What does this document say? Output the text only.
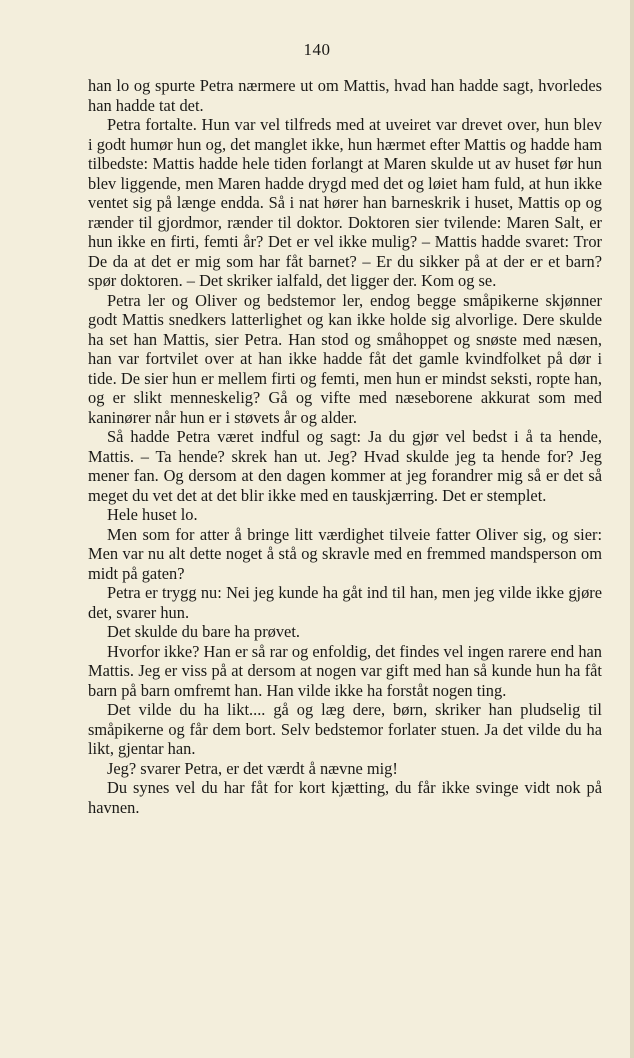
140

han lo og spurte Petra nærmere ut om Mattis, hvad han hadde sagt, hvorledes han hadde tat det.

Petra fortalte. Hun var vel tilfreds med at uveiret var drevet over, hun blev i godt humør hun og, det manglet ikke, hun hærmet efter Mattis og hadde ham tilbedste: Mattis hadde hele tiden forlangt at Maren skulde ut av huset før hun blev liggende, men Maren hadde drygd med det og løiet ham fuld, at hun ikke ventet sig på længe endda. Så i nat hører han barneskrik i huset, Mattis op og rænder til gjordmor, rænder til doktor. Doktoren sier tvilende: Maren Salt, er hun ikke en firti, femti år? Det er vel ikke mulig? – Mattis hadde svaret: Tror De da at det er mig som har fåt barnet? – Er du sikker på at der er et barn? spør doktoren. – Det skriker ialfald, det ligger der. Kom og se.

Petra ler og Oliver og bedstemor ler, endog begge småpikerne skjønner godt Mattis snedkers latterlighet og kan ikke holde sig alvorlige. Dere skulde ha set han Mattis, sier Petra. Han stod og småhoppet og snøste med næsen, han var fortvilet over at han ikke hadde fåt det gamle kvindfolket på dør i tide. De sier hun er mellem firti og femti, men hun er mindst seksti, ropte han, og er slikt menneskelig? Gå og vifte med næseborene akkurat som med kaninører når hun er i støvets år og alder.

Så hadde Petra været indful og sagt: Ja du gjør vel bedst i å ta hende, Mattis. – Ta hende? skrek han ut. Jeg? Hvad skulde jeg ta hende for? Jeg mener fan. Og dersom at den dagen kommer at jeg forandrer mig så er det så meget du vet det at det blir ikke med en tauskjærring. Det er stemplet.

Hele huset lo.

Men som for atter å bringe litt værdighet tilveie fatter Oliver sig, og sier: Men var nu alt dette noget å stå og skravle med en fremmed mandsperson om midt på gaten?

Petra er trygg nu: Nei jeg kunde ha gåt ind til han, men jeg vilde ikke gjøre det, svarer hun.

Det skulde du bare ha prøvet.

Hvorfor ikke? Han er så rar og enfoldig, det findes vel ingen rarere end han Mattis. Jeg er viss på at dersom at nogen var gift med han så kunde hun ha fåt barn på barn omfremt han. Han vilde ikke ha forståt nogen ting.

Det vilde du ha likt.... gå og læg dere, børn, skriker han pludselig til småpikerne og får dem bort. Selv bedstemor forlater stuen. Ja det vilde du ha likt, gjentar han.

Jeg? svarer Petra, er det værdt å nævne mig!

Du synes vel du har fåt for kort kjætting, du får ikke svinge vidt nok på havnen.
